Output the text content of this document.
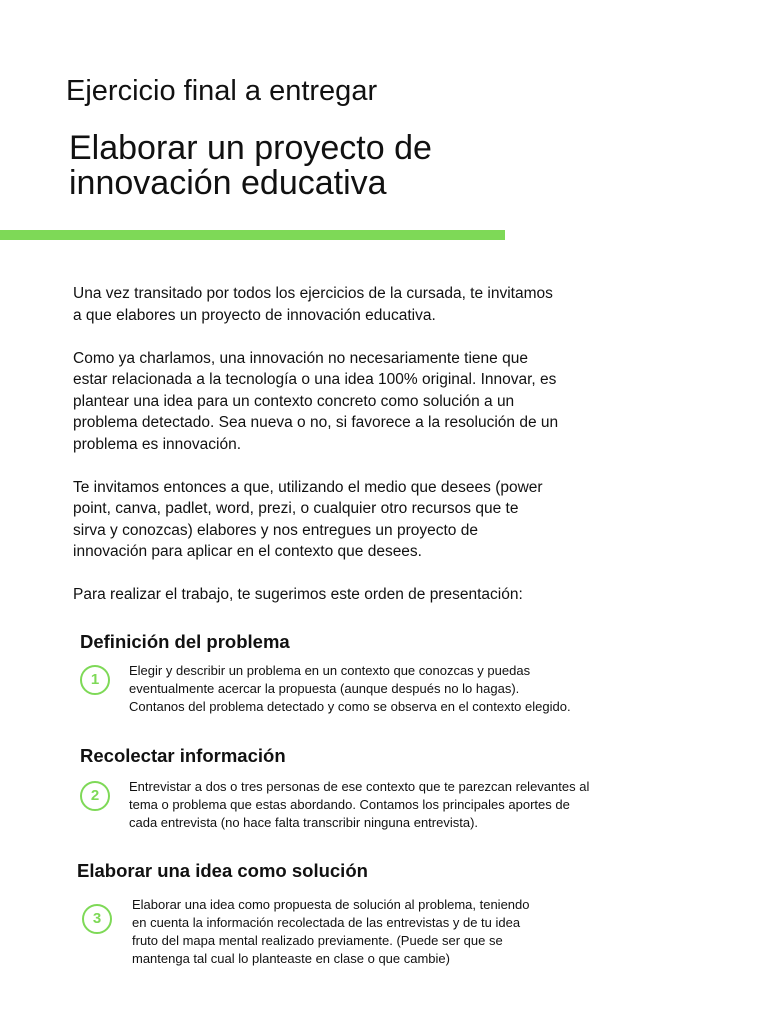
Ejercicio final a entregar
Elaborar un proyecto de
innovación educativa

Una vez transitado por todos los ejercicios de la cursada, te invitamos
a que elabores un proyecto de innovación educativa.

Como ya charlamos, una innovación no necesariamente tiene que
estar relacionada a la tecnología o una idea 100% original. Innovar, es
plantear una idea para un contexto concreto como solución a un
problema detectado. Sea nueva o no, si favorece a la resolución de un
problema es innovación.

Te invitamos entonces a que, utilizando el medio que desees (power
point, canva, padlet, word, prezi, o cualquier otro recursos que te
sirva y conozcas) elabores y nos entregues un proyecto de
innovación para aplicar en el contexto que desees.

Para realizar el trabajo, te sugerimos este orden de presentación:

Definición del problema
1
Elegir y describir un problema en un contexto que conozcas y puedas
eventualmente acercar la propuesta (aunque después no lo hagas).
Contanos del problema detectado y como se observa en el contexto elegido.
Recolectar información
2
Entrevistar a dos o tres personas de ese contexto que te parezcan relevantes al
tema o problema que estas abordando. Contamos los principales aportes de
cada entrevista (no hace falta transcribir ninguna entrevista).
Elaborar una idea como solución
3
Elaborar una idea como propuesta de solución al problema, teniendo
en cuenta la información recolectada de las entrevistas y de tu idea
fruto del mapa mental realizado previamente. (Puede ser que se
mantenga tal cual lo planteaste en clase o que cambie)
